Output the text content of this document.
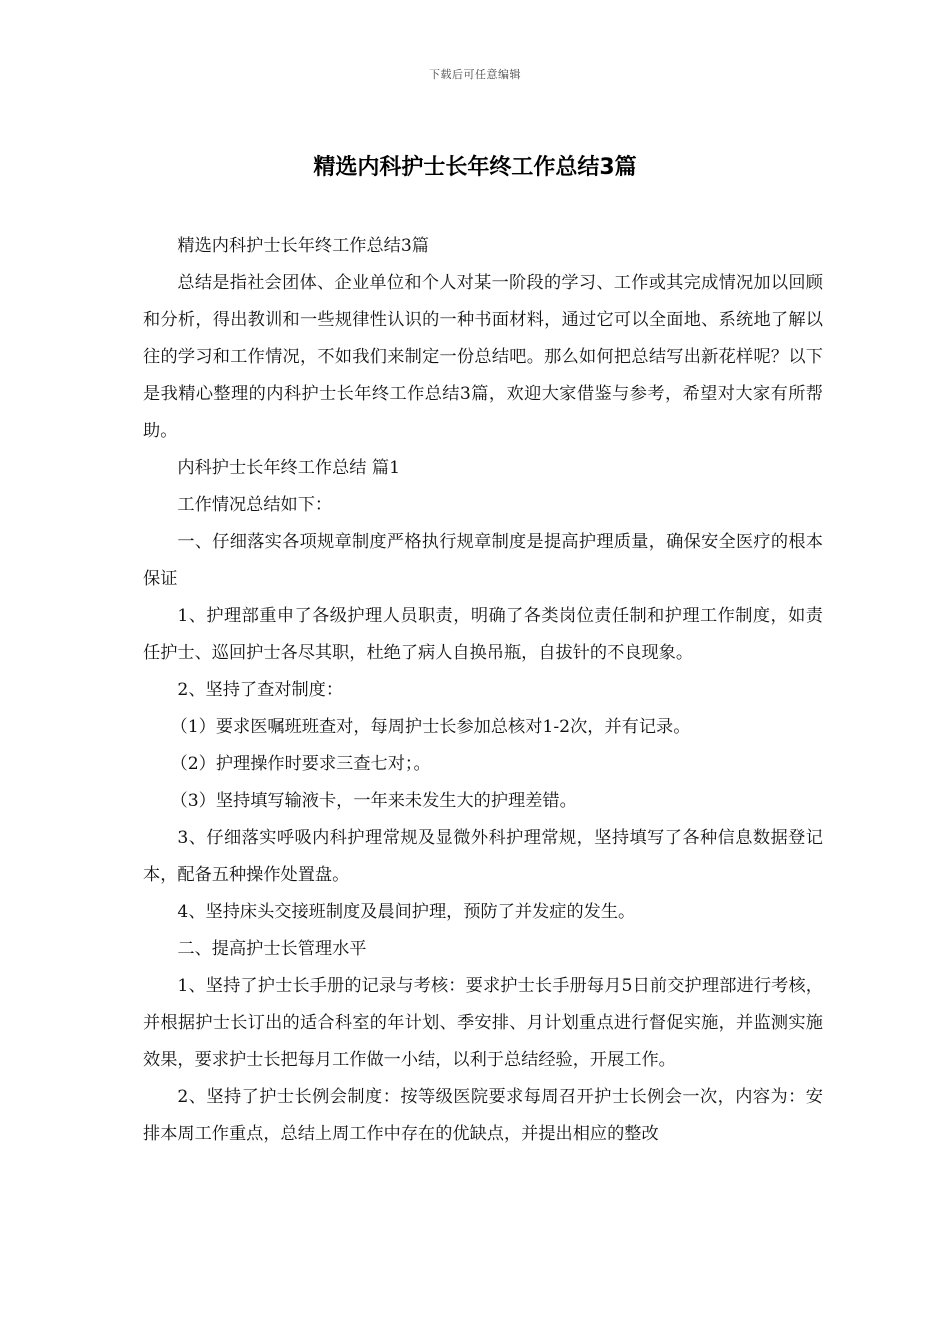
下载后可任意编辑
精选内科护士长年终工作总结3篇

精选内科护士长年终工作总结3篇

总结是指社会团体、企业单位和个人对某一阶段的学习、工作或其完成情况加以回顾和分析，得出教训和一些规律性认识的一种书面材料，通过它可以全面地、系统地了解以往的学习和工作情况，不如我们来制定一份总结吧。那么如何把总结写出新花样呢？以下是我精心整理的内科护士长年终工作总结3篇，欢迎大家借鉴与参考，希望对大家有所帮助。

内科护士长年终工作总结 篇1

工作情况总结如下：

一、仔细落实各项规章制度严格执行规章制度是提高护理质量，确保安全医疗的根本保证

1、护理部重申了各级护理人员职责，明确了各类岗位责任制和护理工作制度，如责任护士、巡回护士各尽其职，杜绝了病人自换吊瓶，自拔针的不良现象。

2、坚持了查对制度：

（1）要求医嘱班班查对，每周护士长参加总核对1-2次，并有记录。

（2）护理操作时要求三查七对；。

（3）坚持填写输液卡，一年来未发生大的护理差错。

3、仔细落实呼吸内科护理常规及显微外科护理常规，坚持填写了各种信息数据登记本，配备五种操作处置盘。

4、坚持床头交接班制度及晨间护理，预防了并发症的发生。

二、提高护士长管理水平

1、坚持了护士长手册的记录与考核：要求护士长手册每月5日前交护理部进行考核，并根据护士长订出的适合科室的年计划、季安排、月计划重点进行督促实施，并监测实施效果，要求护士长把每月工作做一小结，以利于总结经验，开展工作。

2、坚持了护士长例会制度：按等级医院要求每周召开护士长例会一次，内容为：安排本周工作重点，总结上周工作中存在的优缺点，并提出相应的整改
